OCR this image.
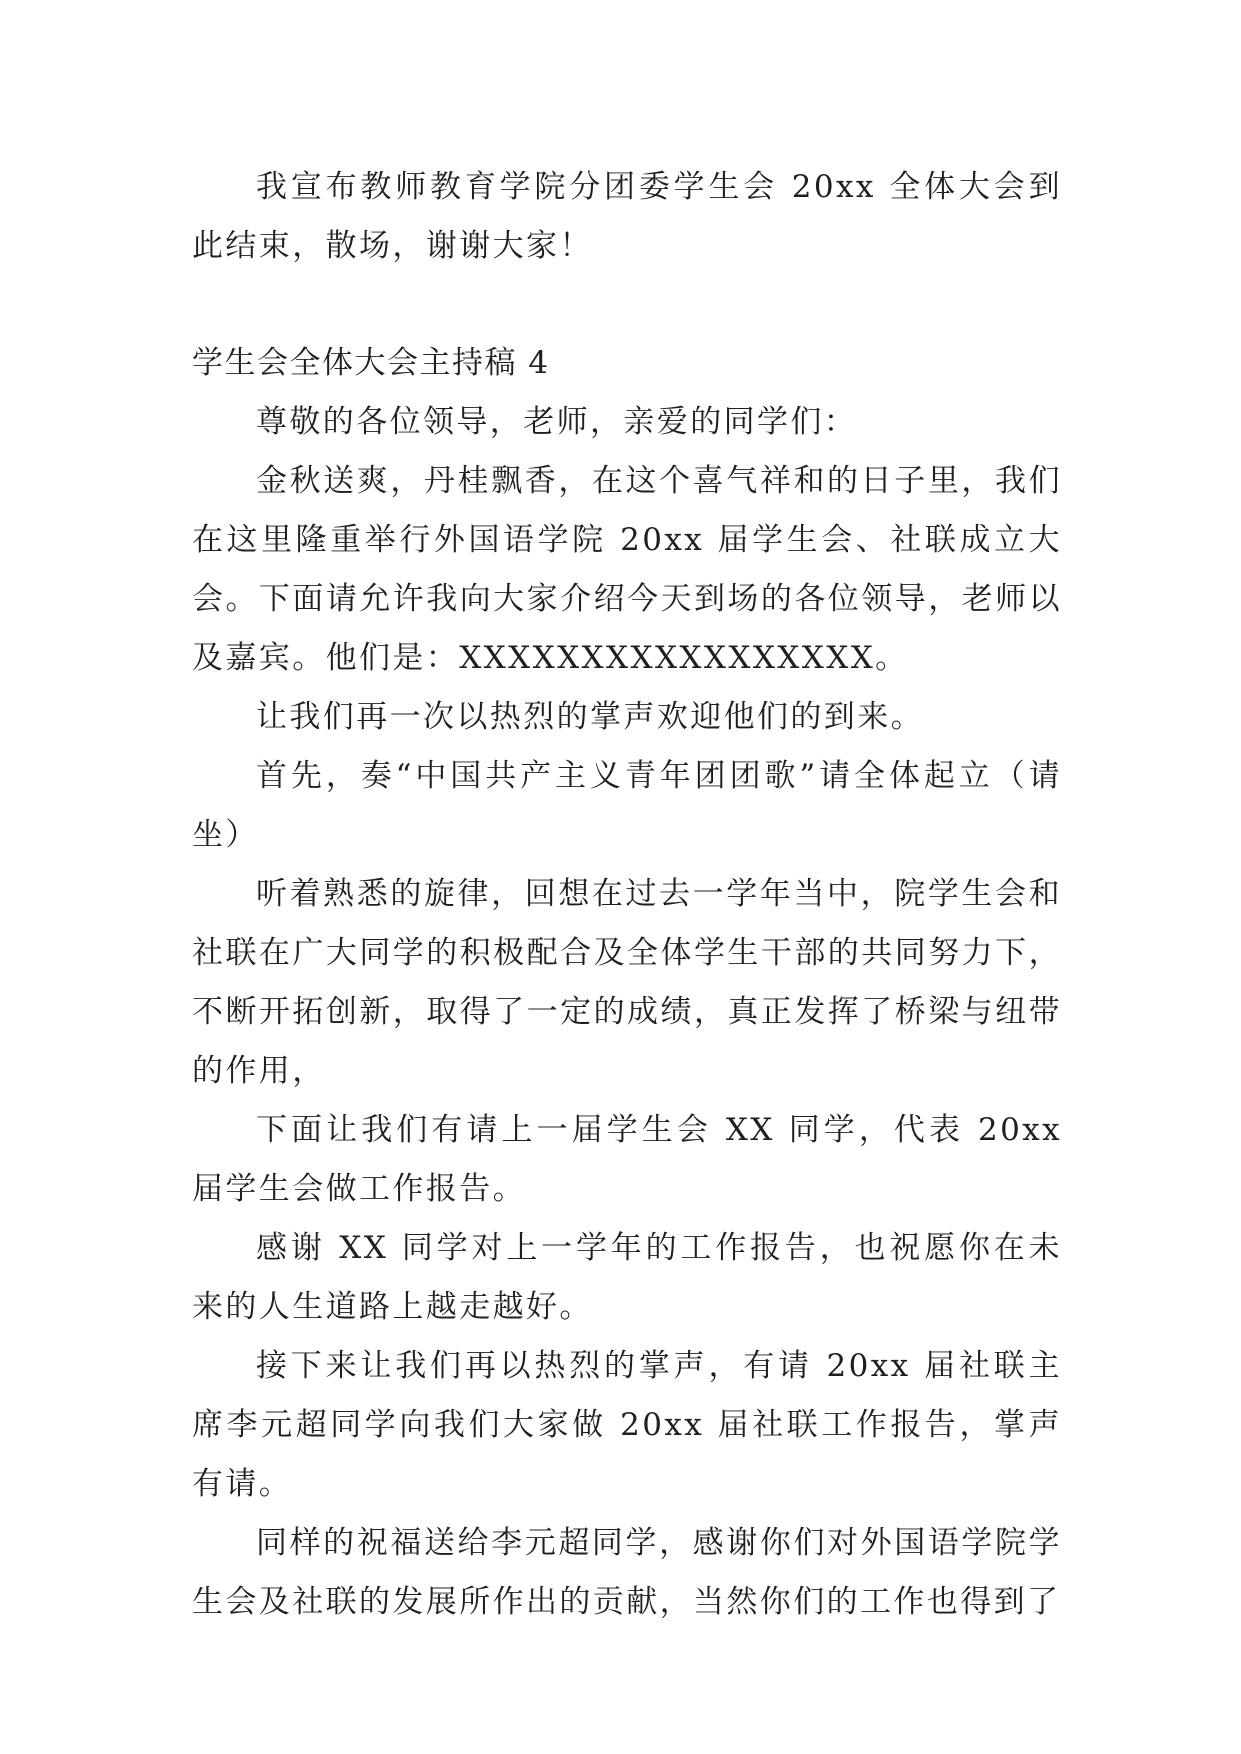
我宣布教师教育学院分团委学生会 20xx 全体大会到此结束，散场，谢谢大家！

学生会全体大会主持稿 4

尊敬的各位领导，老师，亲爱的同学们：

金秋送爽，丹桂飘香，在这个喜气祥和的日子里，我们在这里隆重举行外国语学院 20xx 届学生会、社联成立大会。下面请允许我向大家介绍今天到场的各位领导，老师以及嘉宾。他们是：XXXXXXXXXXXXXXXXX。

让我们再一次以热烈的掌声欢迎他们的到来。

首先，奏“中国共产主义青年团团歌”请全体起立（请坐）

听着熟悉的旋律，回想在过去一学年当中，院学生会和社联在广大同学的积极配合及全体学生干部的共同努力下，不断开拓创新，取得了一定的成绩，真正发挥了桥梁与纽带的作用，

下面让我们有请上一届学生会 XX 同学，代表 20xx 届学生会做工作报告。

感谢 XX 同学对上一学年的工作报告，也祝愿你在未来的人生道路上越走越好。

接下来让我们再以热烈的掌声，有请 20xx 届社联主席李元超同学向我们大家做 20xx 届社联工作报告，掌声有请。

同样的祝福送给李元超同学，感谢你们对外国语学院学生会及社联的发展所作出的贡献，当然你们的工作也得到了
